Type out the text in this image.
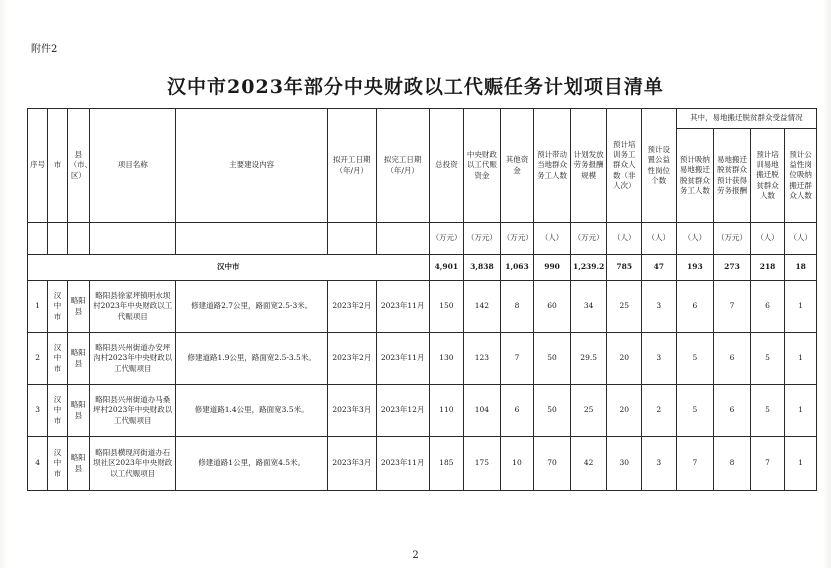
附件2
汉中市2023年部分中央财政以工代赈任务计划项目清单
序号	市	县（市、区）	项目名称	主要建设内容	拟开工日期（年/月）	拟完工日期（年/月）	总投资	中央财政以工代赈资金	其他资金	预计带动当地群众务工人数	计划发放劳务报酬规模	预计培训务工群众人数（非人次）	预计设置公益性岗位个数	其中，易地搬迁脱贫群众受益情况			
														预计吸纳易地搬迁脱贫群众务工人数	易地搬迁脱贫群众预计获得劳务报酬	预计培训易地搬迁脱贫群众人数	预计公益性岗位吸纳搬迁群众人数
							（万元）	（万元）	（万元）	（人）	（万元）	（人）	（人）	（人）	（万元）	（人）	（人）
汉中市							4,901	3,838	1,063	990	1,239.2	785	47	193	273	218	18
1	汉中市	略阳县	略阳县徐家坪镇明水坝村2023年中央财政以工代赈项目	修建道路2.7公里，路面宽2.5-3米。	2023年2月	2023年11月	150	142	8	60	34	25	3	6	7	6	1
2	汉中市	略阳县	略阳县兴州街道办安坪沟村2023年中央财政以工代赈项目	修建道路1.9公里，路面宽2.5-3.5米。	2023年2月	2023年11月	130	123	7	50	29.5	20	3	5	6	5	1
3	汉中市	略阳县	略阳县兴州街道办马桑坪村2023年中央财政以工代赈项目	修建道路1.4公里，路面宽3.5米。	2023年3月	2023年12月	110	104	6	50	25	20	2	5	6	5	1
4	汉中市	略阳县	略阳县横现河街道办石坝社区2023年中央财政以工代赈项目	修建道路1公里，路面宽4.5米。	2023年3月	2023年11月	185	175	10	70	42	30	3	7	8	7	1
2
